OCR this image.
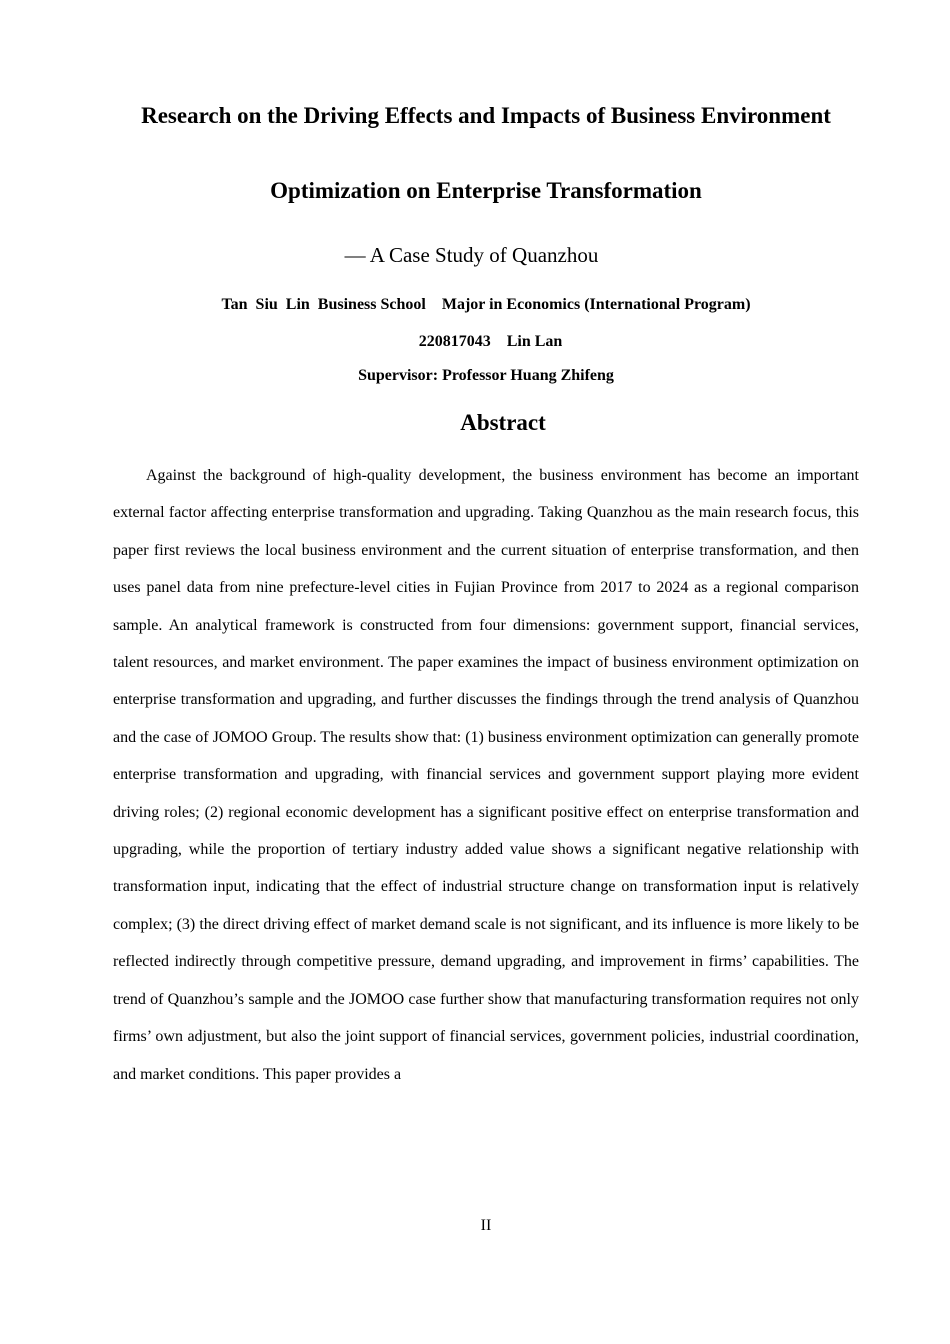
Research on the Driving Effects and Impacts of Business Environment
Optimization on Enterprise Transformation
— A Case Study of Quanzhou
Tan  Siu  Lin  Business School    Major in Economics (International Program)
220817043    Lin Lan
Supervisor: Professor Huang Zhifeng
Abstract

Against the background of high-quality development, the business environment has become an important external factor affecting enterprise transformation and upgrading. Taking Quanzhou as the main research focus, this paper first reviews the local business environment and the current situation of enterprise transformation, and then uses panel data from nine prefecture-level cities in Fujian Province from 2017 to 2024 as a regional comparison sample. An analytical framework is constructed from four dimensions: government support, financial services, talent resources, and market environment. The paper examines the impact of business environment optimization on enterprise transformation and upgrading, and further discusses the findings through the trend analysis of Quanzhou and the case of JOMOO Group. The results show that: (1) business environment optimization can generally promote enterprise transformation and upgrading, with financial services and government support playing more evident driving roles; (2) regional economic development has a significant positive effect on enterprise transformation and upgrading, while the proportion of tertiary industry added value shows a significant negative relationship with transformation input, indicating that the effect of industrial structure change on transformation input is relatively complex; (3) the direct driving effect of market demand scale is not significant, and its influence is more likely to be reflected indirectly through competitive pressure, demand upgrading, and improvement in firms’ capabilities. The trend of Quanzhou’s sample and the JOMOO case further show that manufacturing transformation requires not only firms’ own adjustment, but also the joint support of financial services, government policies, industrial coordination, and market conditions. This paper provides a

II
